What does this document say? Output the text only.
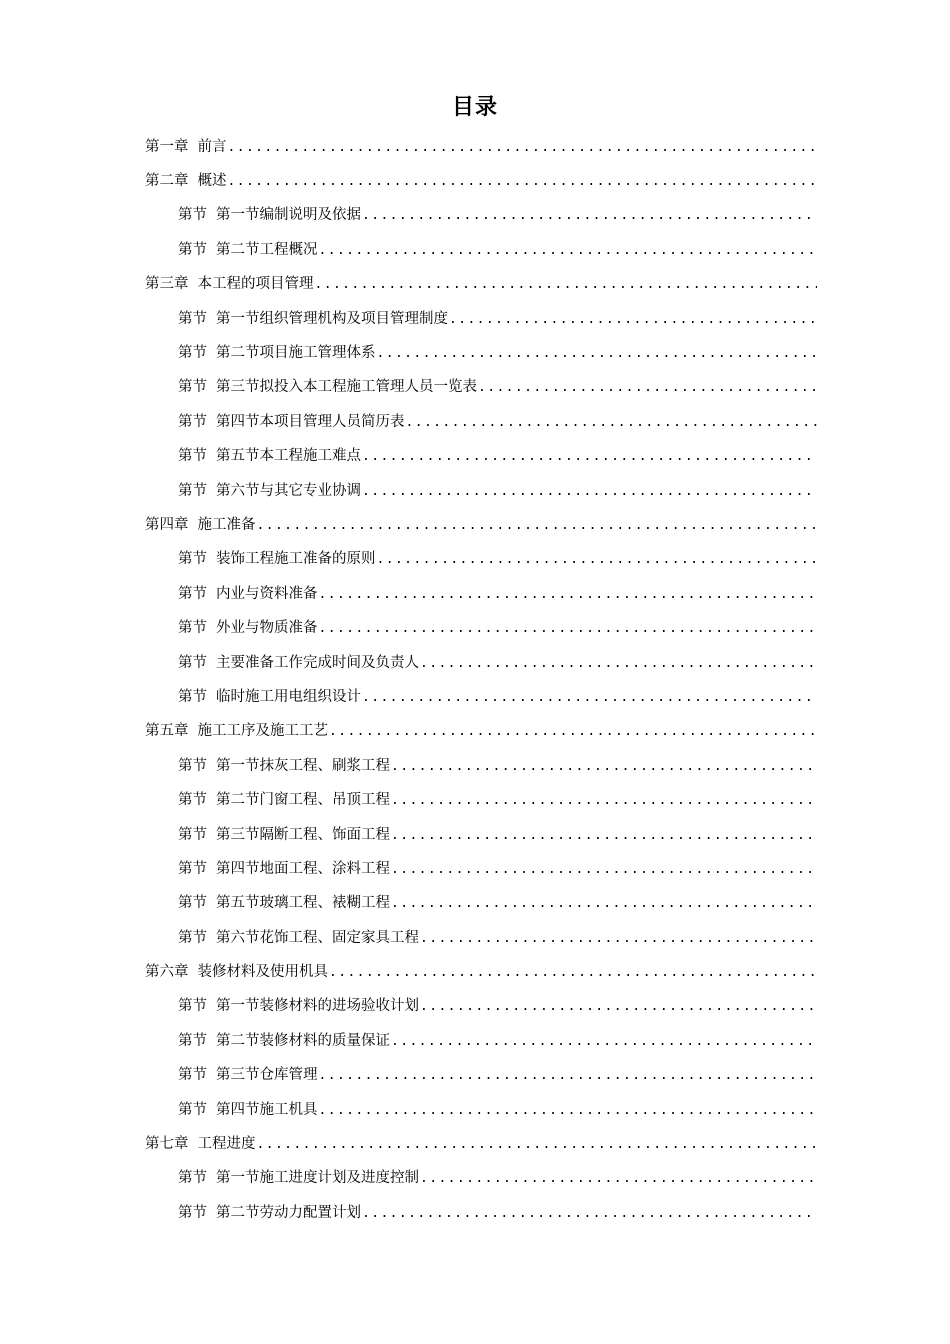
目录
第一章 前言
.....
第二章 概述
.....
第节 第一节编制说明及依据
.....
第节 第二节工程概况
.....
第三章 本工程的项目管理
.....
第节 第一节组织管理机构及项目管理制度
.....
第节 第二节项目施工管理体系
.....
第节 第三节拟投入本工程施工管理人员一览表
.....
第节 第四节本项目管理人员简历表
.....
第节 第五节本工程施工难点
.....
第节 第六节与其它专业协调
.....
第四章 施工准备
.....
第节 装饰工程施工准备的原则
.....
第节 内业与资料准备
.....
第节 外业与物质准备
.....
第节 主要准备工作完成时间及负责人
.....
第节 临时施工用电组织设计
.....
第五章 施工工序及施工工艺
.....
第节 第一节抹灰工程、刷浆工程
.....
第节 第二节门窗工程、吊顶工程
.....
第节 第三节隔断工程、饰面工程
.....
第节 第四节地面工程、涂料工程
.....
第节 第五节玻璃工程、裱糊工程
.....
第节 第六节花饰工程、固定家具工程
.....
第六章 装修材料及使用机具
.....
第节 第一节装修材料的进场验收计划
.....
第节 第二节装修材料的质量保证
.....
第节 第三节仓库管理
.....
第节 第四节施工机具
.....
第七章 工程进度
.....
第节 第一节施工进度计划及进度控制
.....
第节 第二节劳动力配置计划
.....
